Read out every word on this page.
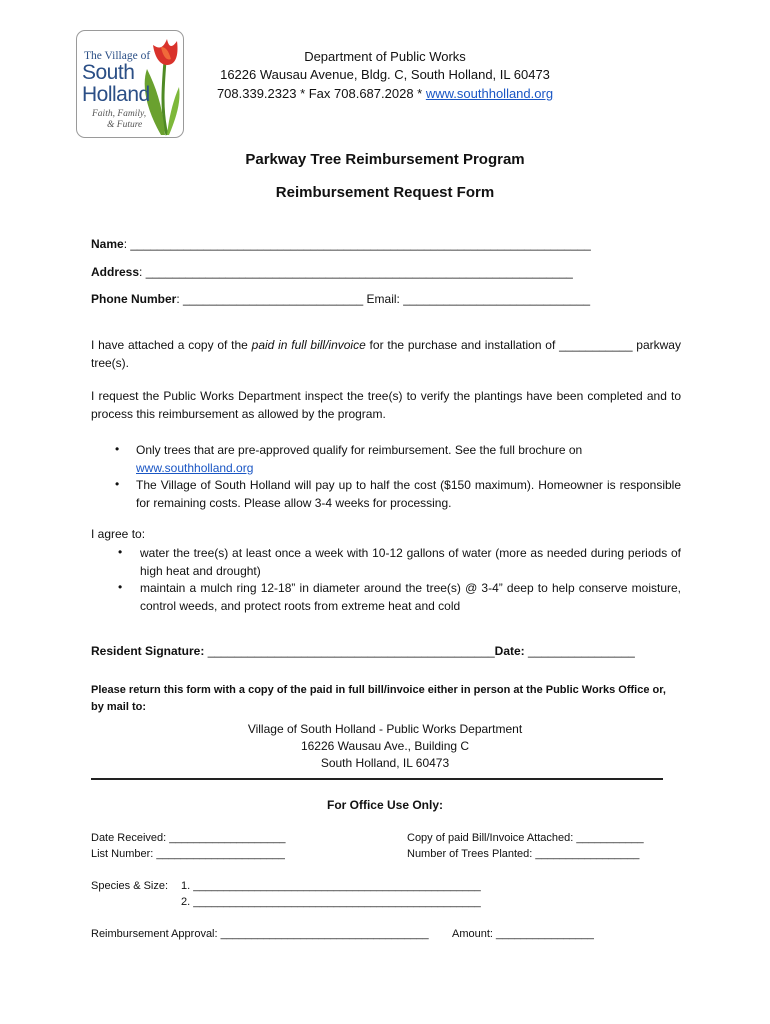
The Village of
South
Holland
Faith, Family,
& Future
Department of Public Works
16226 Wausau Avenue, Bldg. C, South Holland, IL 60473
708.339.2323 * Fax 708.687.2028 * www.southholland.org
Parkway Tree Reimbursement Program
Reimbursement Request Form
Name: _____________________________________________________________________
Address: ________________________________________________________________
Phone Number: ___________________________ Email: ____________________________
I have attached a copy of the paid in full bill/invoice for the purchase and installation of ___________ parkway tree(s).
I request the Public Works Department inspect the tree(s) to verify the plantings have been completed and to process this reimbursement as allowed by the program.
• Only trees that are pre-approved qualify for reimbursement. See the full brochure on
www.southholland.org
• The Village of South Holland will pay up to half the cost ($150 maximum). Homeowner is responsible for remaining costs. Please allow 3-4 weeks for processing.
I agree to:
• water the tree(s) at least once a week with 10-12 gallons of water (more as needed during periods of high heat and drought)
• maintain a mulch ring 12-18” in diameter around the tree(s) @ 3-4” deep to help conserve moisture, control weeds, and protect roots from extreme heat and cold
Resident Signature: ___________________________________________Date: ________________
Please return this form with a copy of the paid in full bill/invoice either in person at the Public Works Office or, by mail to:
Village of South Holland - Public Works Department
16226 Wausau Ave., Building C
South Holland, IL 60473
For Office Use Only:
Date Received: ___________________
List Number: _____________________
Copy of paid Bill/Invoice Attached: ___________
Number of Trees Planted: _________________
Species & Size: 1. _______________________________________________
2. _______________________________________________
Reimbursement Approval: __________________________________ Amount: ________________
